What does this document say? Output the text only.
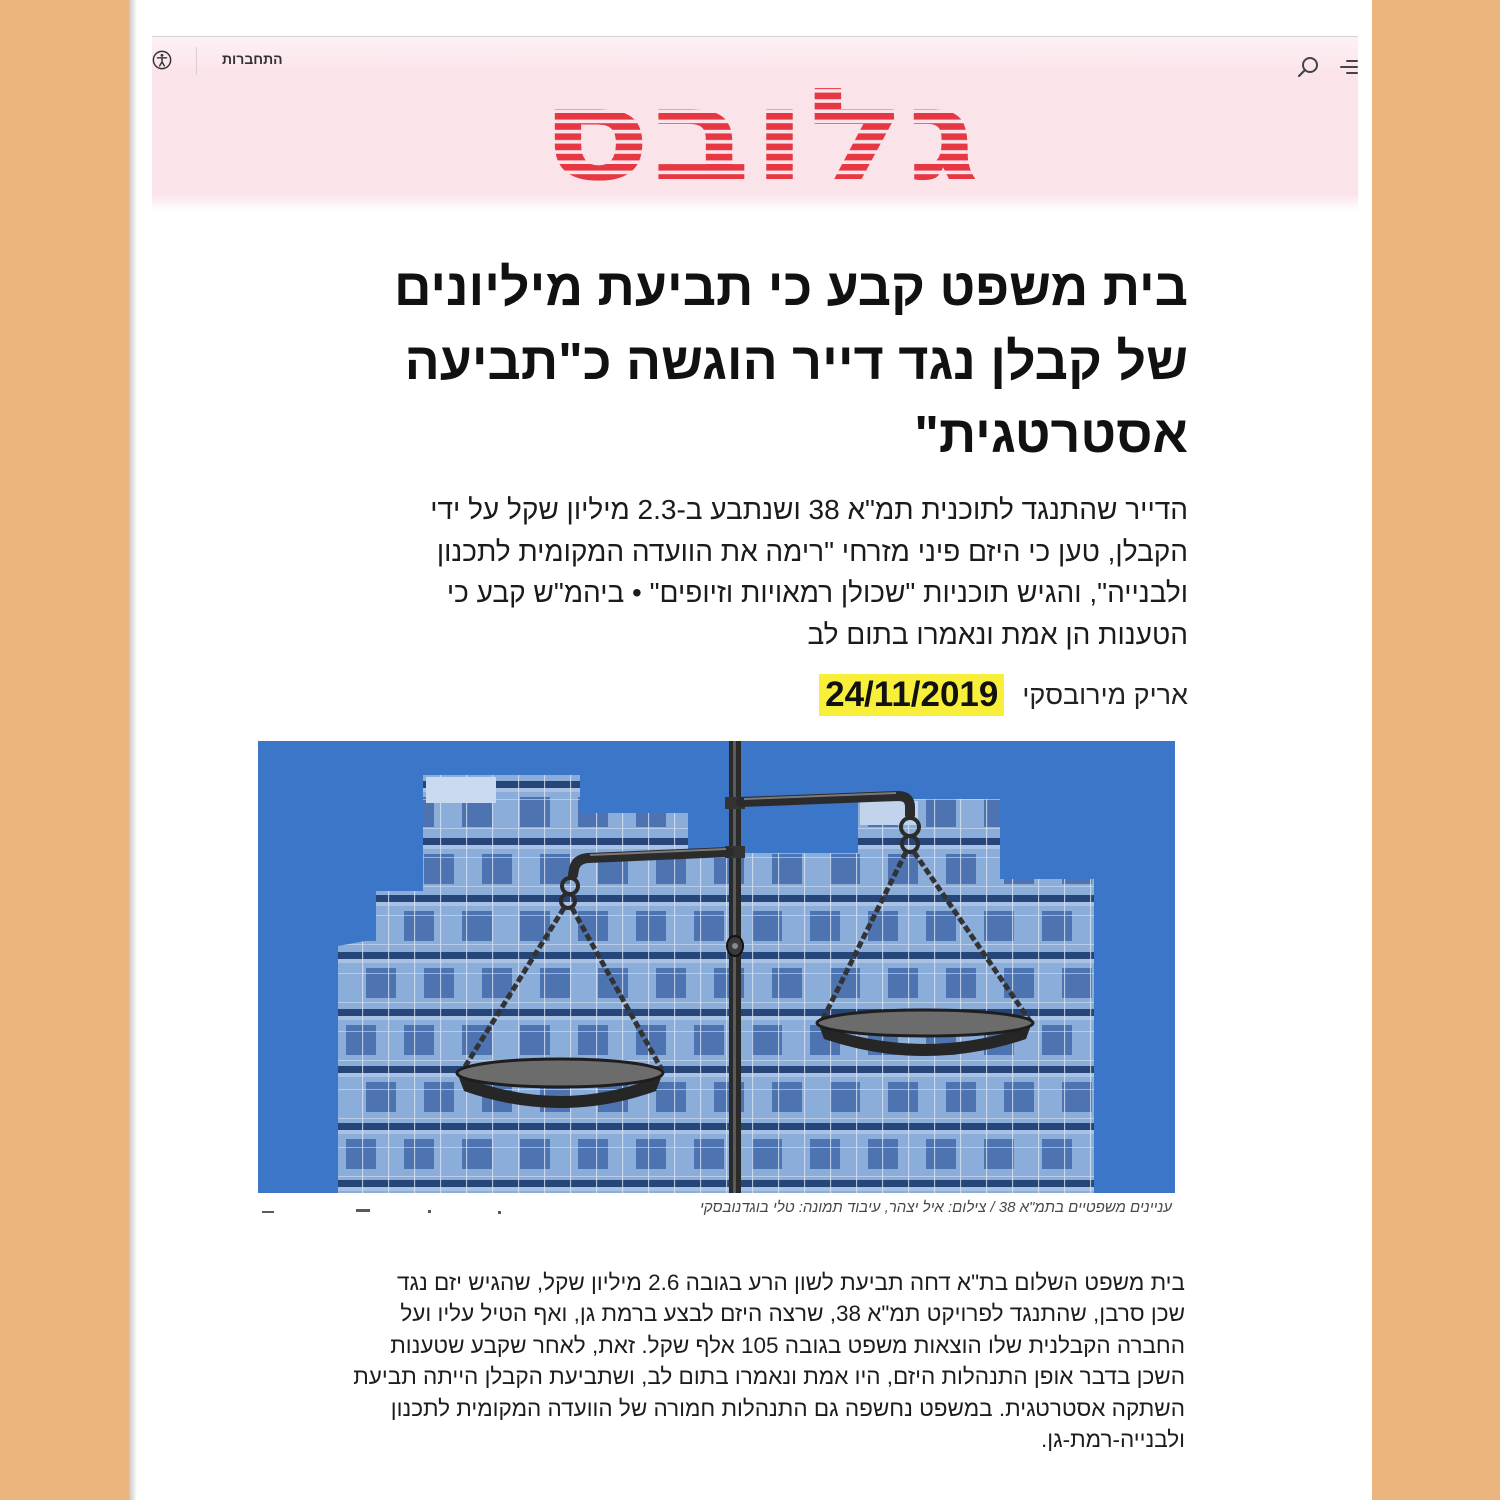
התחברות
גלובס
בית משפט קבע כי תביעת מיליונים
של קבלן נגד דייר הוגשה כ"תביעה
אסטרטגית"
הדייר שהתנגד לתוכנית תמ"א 38 ושנתבע ב-2.3 מיליון שקל על ידי
הקבלן, טען כי היזם פיני מזרחי "רימה את הוועדה המקומית לתכנון
ולבנייה", והגיש תוכניות "שכולן רמאויות וזיופים" • ביהמ"ש קבע כי
הטענות הן אמת ונאמרו בתום לב
אריק מירובסקי
24/11/2019
עניינים משפטיים בתמ"א 38 / צילום: איל יצהר, עיבוד תמונה: טלי בוגדנובסקי
בית משפט השלום בת"א דחה תביעת לשון הרע בגובה 2.6 מיליון שקל, שהגיש יזם נגד
שכן סרבן, שהתנגד לפרויקט תמ"א 38, שרצה היזם לבצע ברמת גן, ואף הטיל עליו ועל
החברה הקבלנית שלו הוצאות משפט בגובה 105 אלף שקל. זאת, לאחר שקבע שטענות
השכן בדבר אופן התנהלות היזם, היו אמת ונאמרו בתום לב, ושתביעת הקבלן הייתה תביעת
השתקה אסטרטגית. במשפט נחשפה גם התנהלות חמורה של הוועדה המקומית לתכנון
ולבנייה-רמת-גן.
